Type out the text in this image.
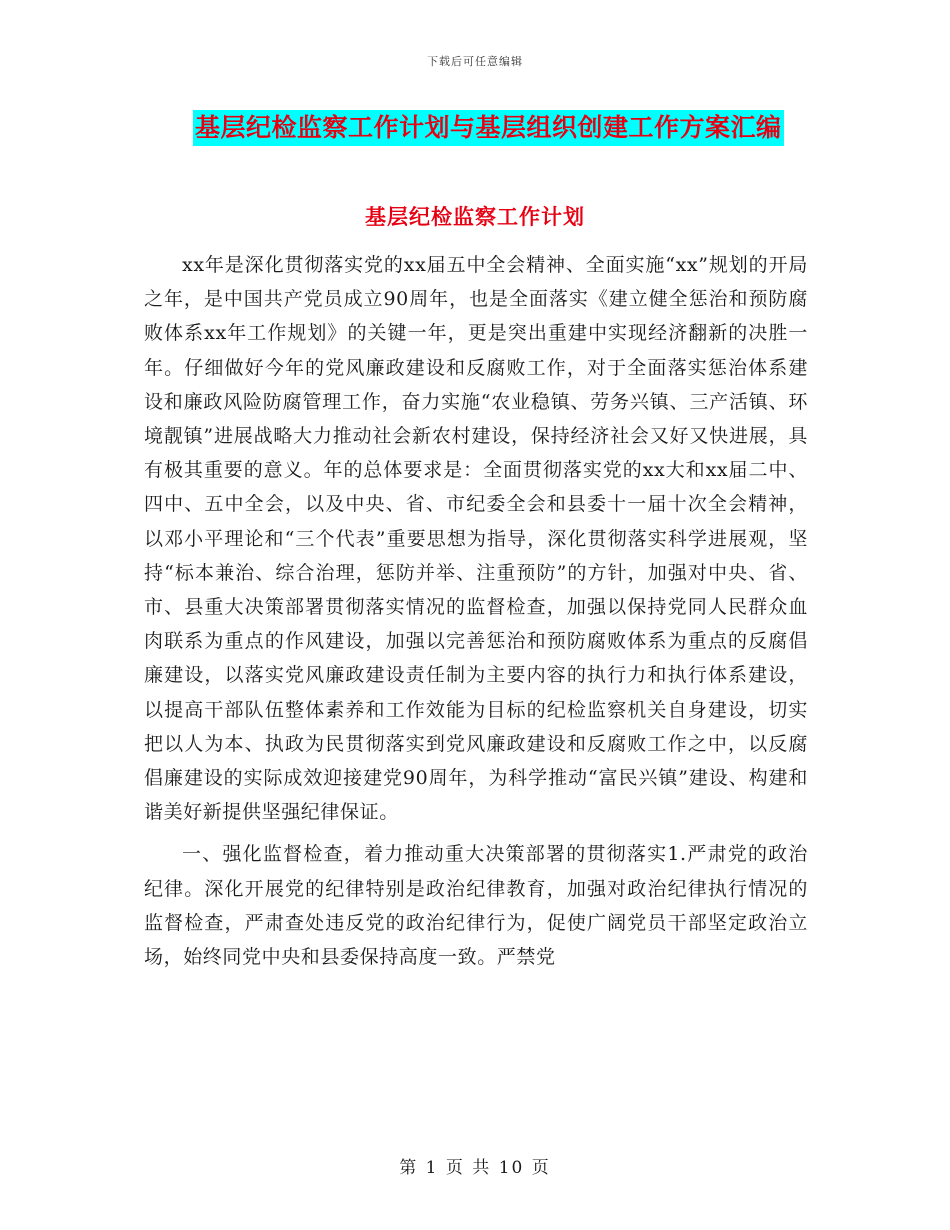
下载后可任意编辑
基层纪检监察工作计划与基层组织创建工作方案汇编
基层纪检监察工作计划

xx年是深化贯彻落实党的xx届五中全会精神、全面实施“xx”规划的开局之年，是中国共产党员成立90周年，也是全面落实《建立健全惩治和预防腐败体系xx年工作规划》的关键一年，更是突出重建中实现经济翻新的决胜一年。仔细做好今年的党风廉政建设和反腐败工作，对于全面落实惩治体系建设和廉政风险防腐管理工作，奋力实施“农业稳镇、劳务兴镇、三产活镇、环境靓镇”进展战略大力推动社会新农村建设，保持经济社会又好又快进展，具有极其重要的意义。年的总体要求是：全面贯彻落实党的xx大和xx届二中、四中、五中全会，以及中央、省、市纪委全会和县委十一届十次全会精神，以邓小平理论和“三个代表”重要思想为指导，深化贯彻落实科学进展观，坚持“标本兼治、综合治理，惩防并举、注重预防”的方针，加强对中央、省、市、县重大决策部署贯彻落实情况的监督检查，加强以保持党同人民群众血肉联系为重点的作风建设，加强以完善惩治和预防腐败体系为重点的反腐倡廉建设，以落实党风廉政建设责任制为主要内容的执行力和执行体系建设，以提高干部队伍整体素养和工作效能为目标的纪检监察机关自身建设，切实把以人为本、执政为民贯彻落实到党风廉政建设和反腐败工作之中，以反腐倡廉建设的实际成效迎接建党90周年，为科学推动“富民兴镇”建设、构建和谐美好新提供坚强纪律保证。

一、强化监督检查，着力推动重大决策部署的贯彻落实1.严肃党的政治纪律。深化开展党的纪律特别是政治纪律教育，加强对政治纪律执行情况的监督检查，严肃查处违反党的政治纪律行为，促使广阔党员干部坚定政治立场，始终同党中央和县委保持高度一致。严禁党

第 1 页 共 10 页
